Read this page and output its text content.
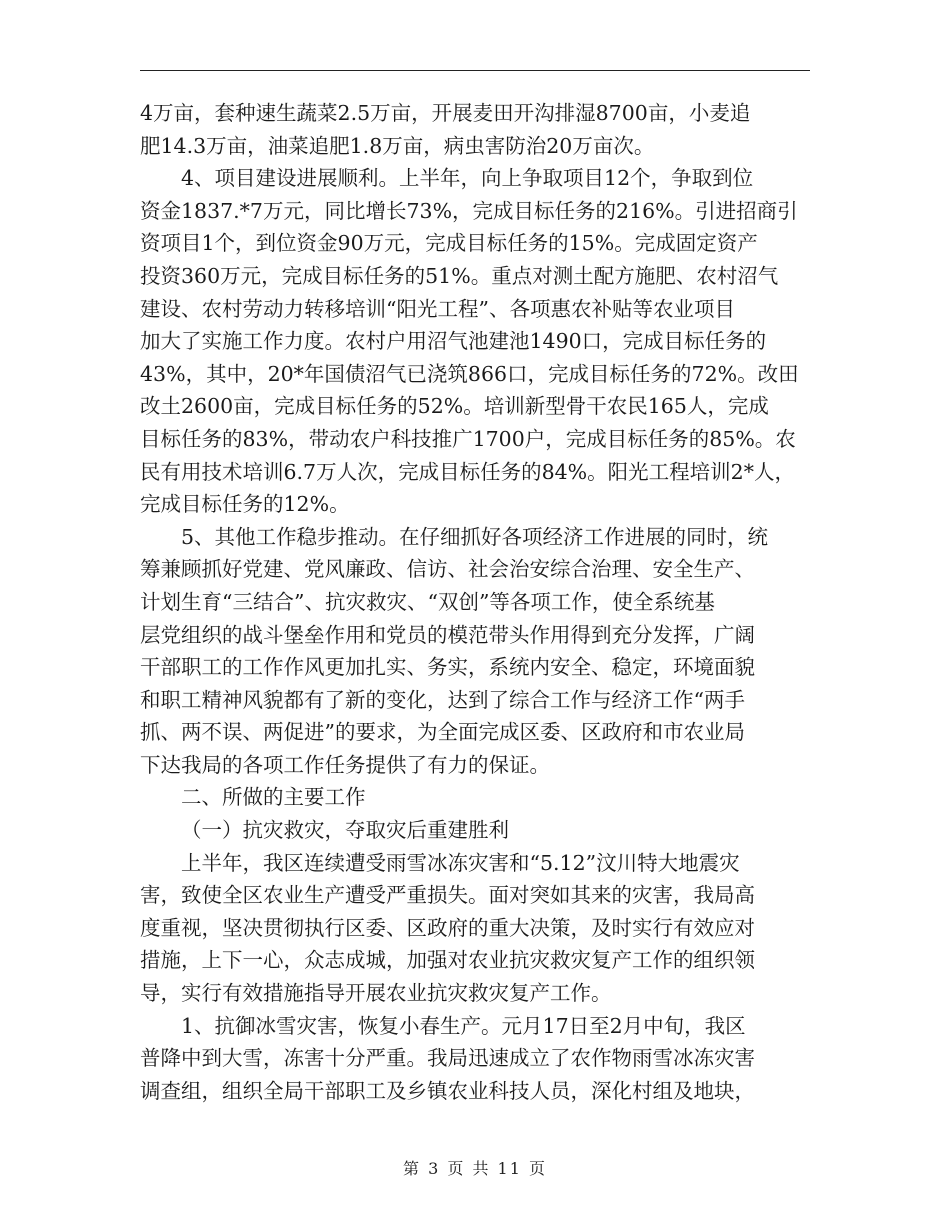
4万亩，套种速生蔬菜2.5万亩，开展麦田开沟排湿8700亩，小麦追
肥14.3万亩，油菜追肥1.8万亩，病虫害防治20万亩次。
4、项目建设进展顺利。上半年，向上争取项目12个，争取到位
资金1837.*7万元，同比增长73%，完成目标任务的216%。引进招商引
资项目1个，到位资金90万元，完成目标任务的15%。完成固定资产
投资360万元，完成目标任务的51%。重点对测土配方施肥、农村沼气
建设、农村劳动力转移培训“阳光工程”、各项惠农补贴等农业项目
加大了实施工作力度。农村户用沼气池建池1490口，完成目标任务的
43%，其中，20*年国债沼气已浇筑866口，完成目标任务的72%。改田
改土2600亩，完成目标任务的52%。培训新型骨干农民165人，完成
目标任务的83%，带动农户科技推广1700户，完成目标任务的85%。农
民有用技术培训6.7万人次，完成目标任务的84%。阳光工程培训2*人，
完成目标任务的12%。
5、其他工作稳步推动。在仔细抓好各项经济工作进展的同时，统
筹兼顾抓好党建、党风廉政、信访、社会治安综合治理、安全生产、
计划生育“三结合”、抗灾救灾、“双创”等各项工作，使全系统基
层党组织的战斗堡垒作用和党员的模范带头作用得到充分发挥，广阔
干部职工的工作作风更加扎实、务实，系统内安全、稳定，环境面貌
和职工精神风貌都有了新的变化，达到了综合工作与经济工作“两手
抓、两不误、两促进”的要求，为全面完成区委、区政府和市农业局
下达我局的各项工作任务提供了有力的保证。
二、所做的主要工作
（一）抗灾救灾，夺取灾后重建胜利
上半年，我区连续遭受雨雪冰冻灾害和“5.12”汶川特大地震灾
害，致使全区农业生产遭受严重损失。面对突如其来的灾害，我局高
度重视，坚决贯彻执行区委、区政府的重大决策，及时实行有效应对
措施，上下一心，众志成城，加强对农业抗灾救灾复产工作的组织领
导，实行有效措施指导开展农业抗灾救灾复产工作。
1、抗御冰雪灾害，恢复小春生产。元月17日至2月中旬，我区
普降中到大雪，冻害十分严重。我局迅速成立了农作物雨雪冰冻灾害
调查组，组织全局干部职工及乡镇农业科技人员，深化村组及地块，
第 3 页 共 11 页
